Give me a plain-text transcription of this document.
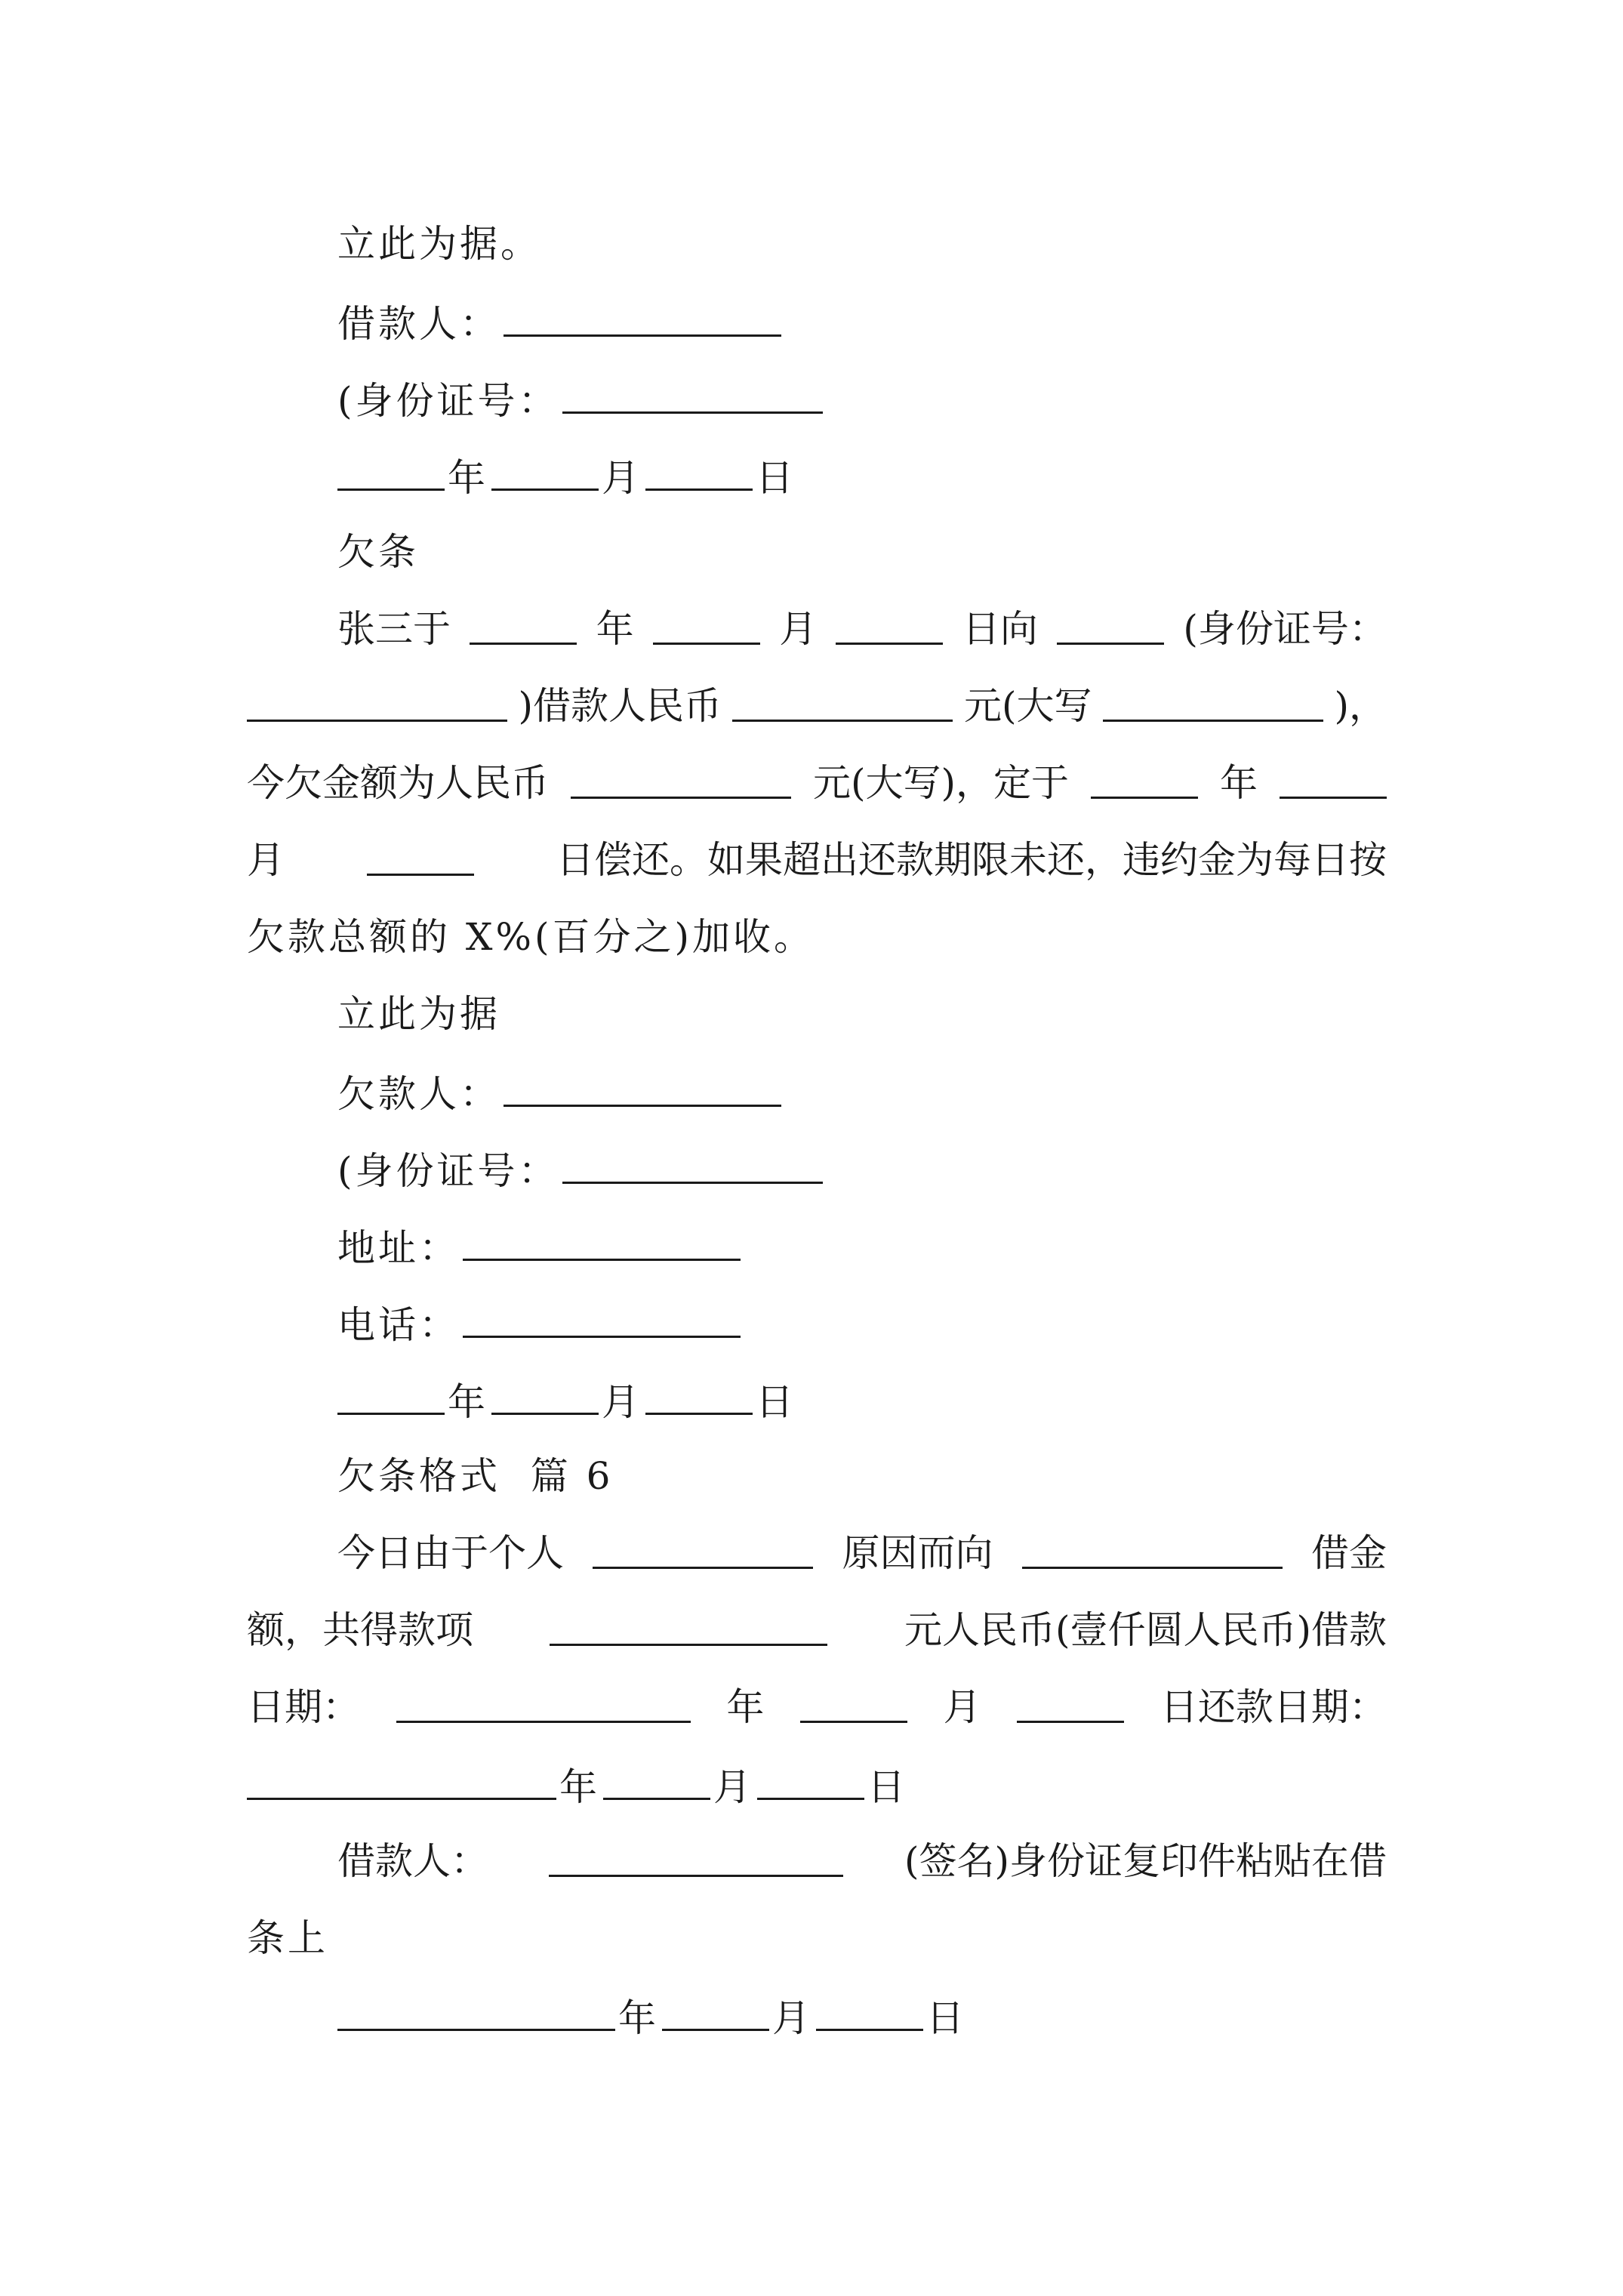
立此为据。
借款人：
(身份证号：
年	月	日
欠条
张三于	年	月	日向	(身份证号：
)借款人民币	元(大写	)，
今欠金额为人民币	元(大写)，定于	年
月	日偿还。如果超出还款期限未还，违约金为每日按
欠款总额的 X%(百分之)加收。
立此为据
欠款人：
(身份证号：
地址：
电话：
年	月	日
欠条格式  篇 6
今日由于个人	原因而向	借金
额，共得款项	元人民币(壹仟圆人民币)借款
日期：	年	月	日还款日期：
年	月	日
借款人：	(签名)身份证复印件粘贴在借
条上
年	月	日
